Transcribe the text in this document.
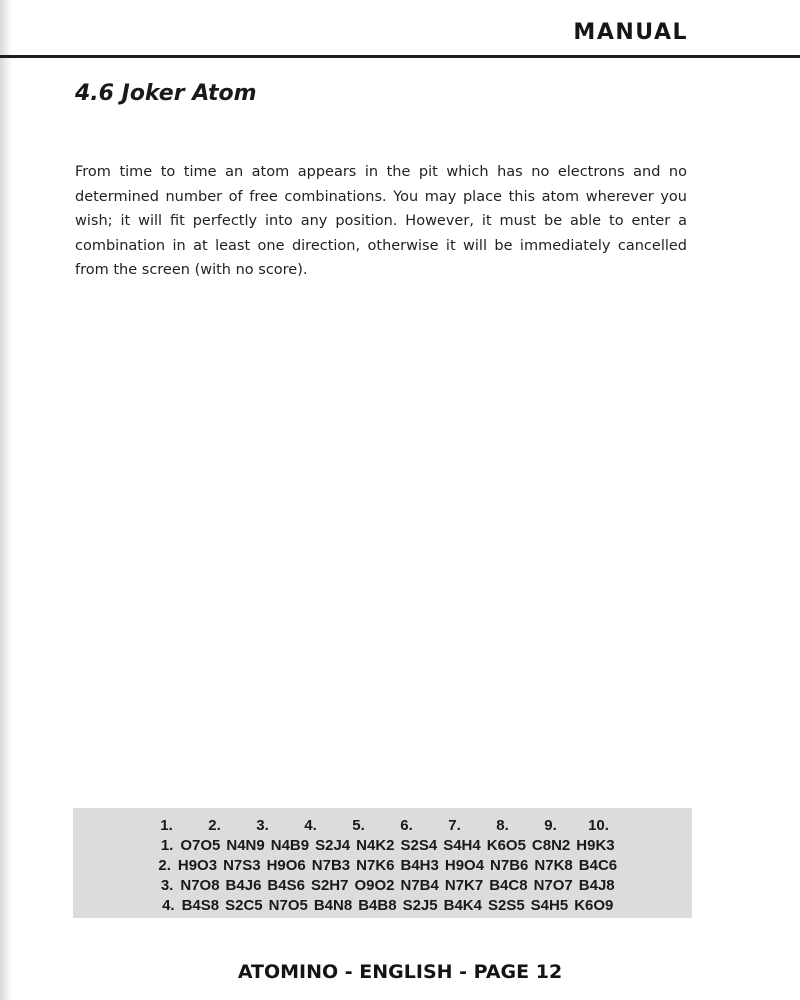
MANUAL
4.6 Joker Atom

From time to time an atom appears in the pit which has no electrons and no determined number of free combinations. You may place this atom wherever you wish; it will fit perfectly into any position. However, it must be able to enter a combination in at least one direction, otherwise it will be immediately cancelled from the screen (with no score).

1.	2.	3.	4.	5.	6.	7.	8.	9.	10.
1. O7O5 N4N9 N4B9 S2J4 N4K2 S2S4 S4H4 K6O5 C8N2 H9K3
2. H9O3 N7S3 H9O6 N7B3 N7K6 B4H3 H9O4 N7B6 N7K8 B4C6
3. N7O8 B4J6 B4S6 S2H7 O9O2 N7B4 N7K7 B4C8 N7O7 B4J8
4. B4S8 S2C5 N7O5 B4N8 B4B8 S2J5 B4K4 S2S5 S4H5 K6O9
ATOMINO - ENGLISH - PAGE 12
